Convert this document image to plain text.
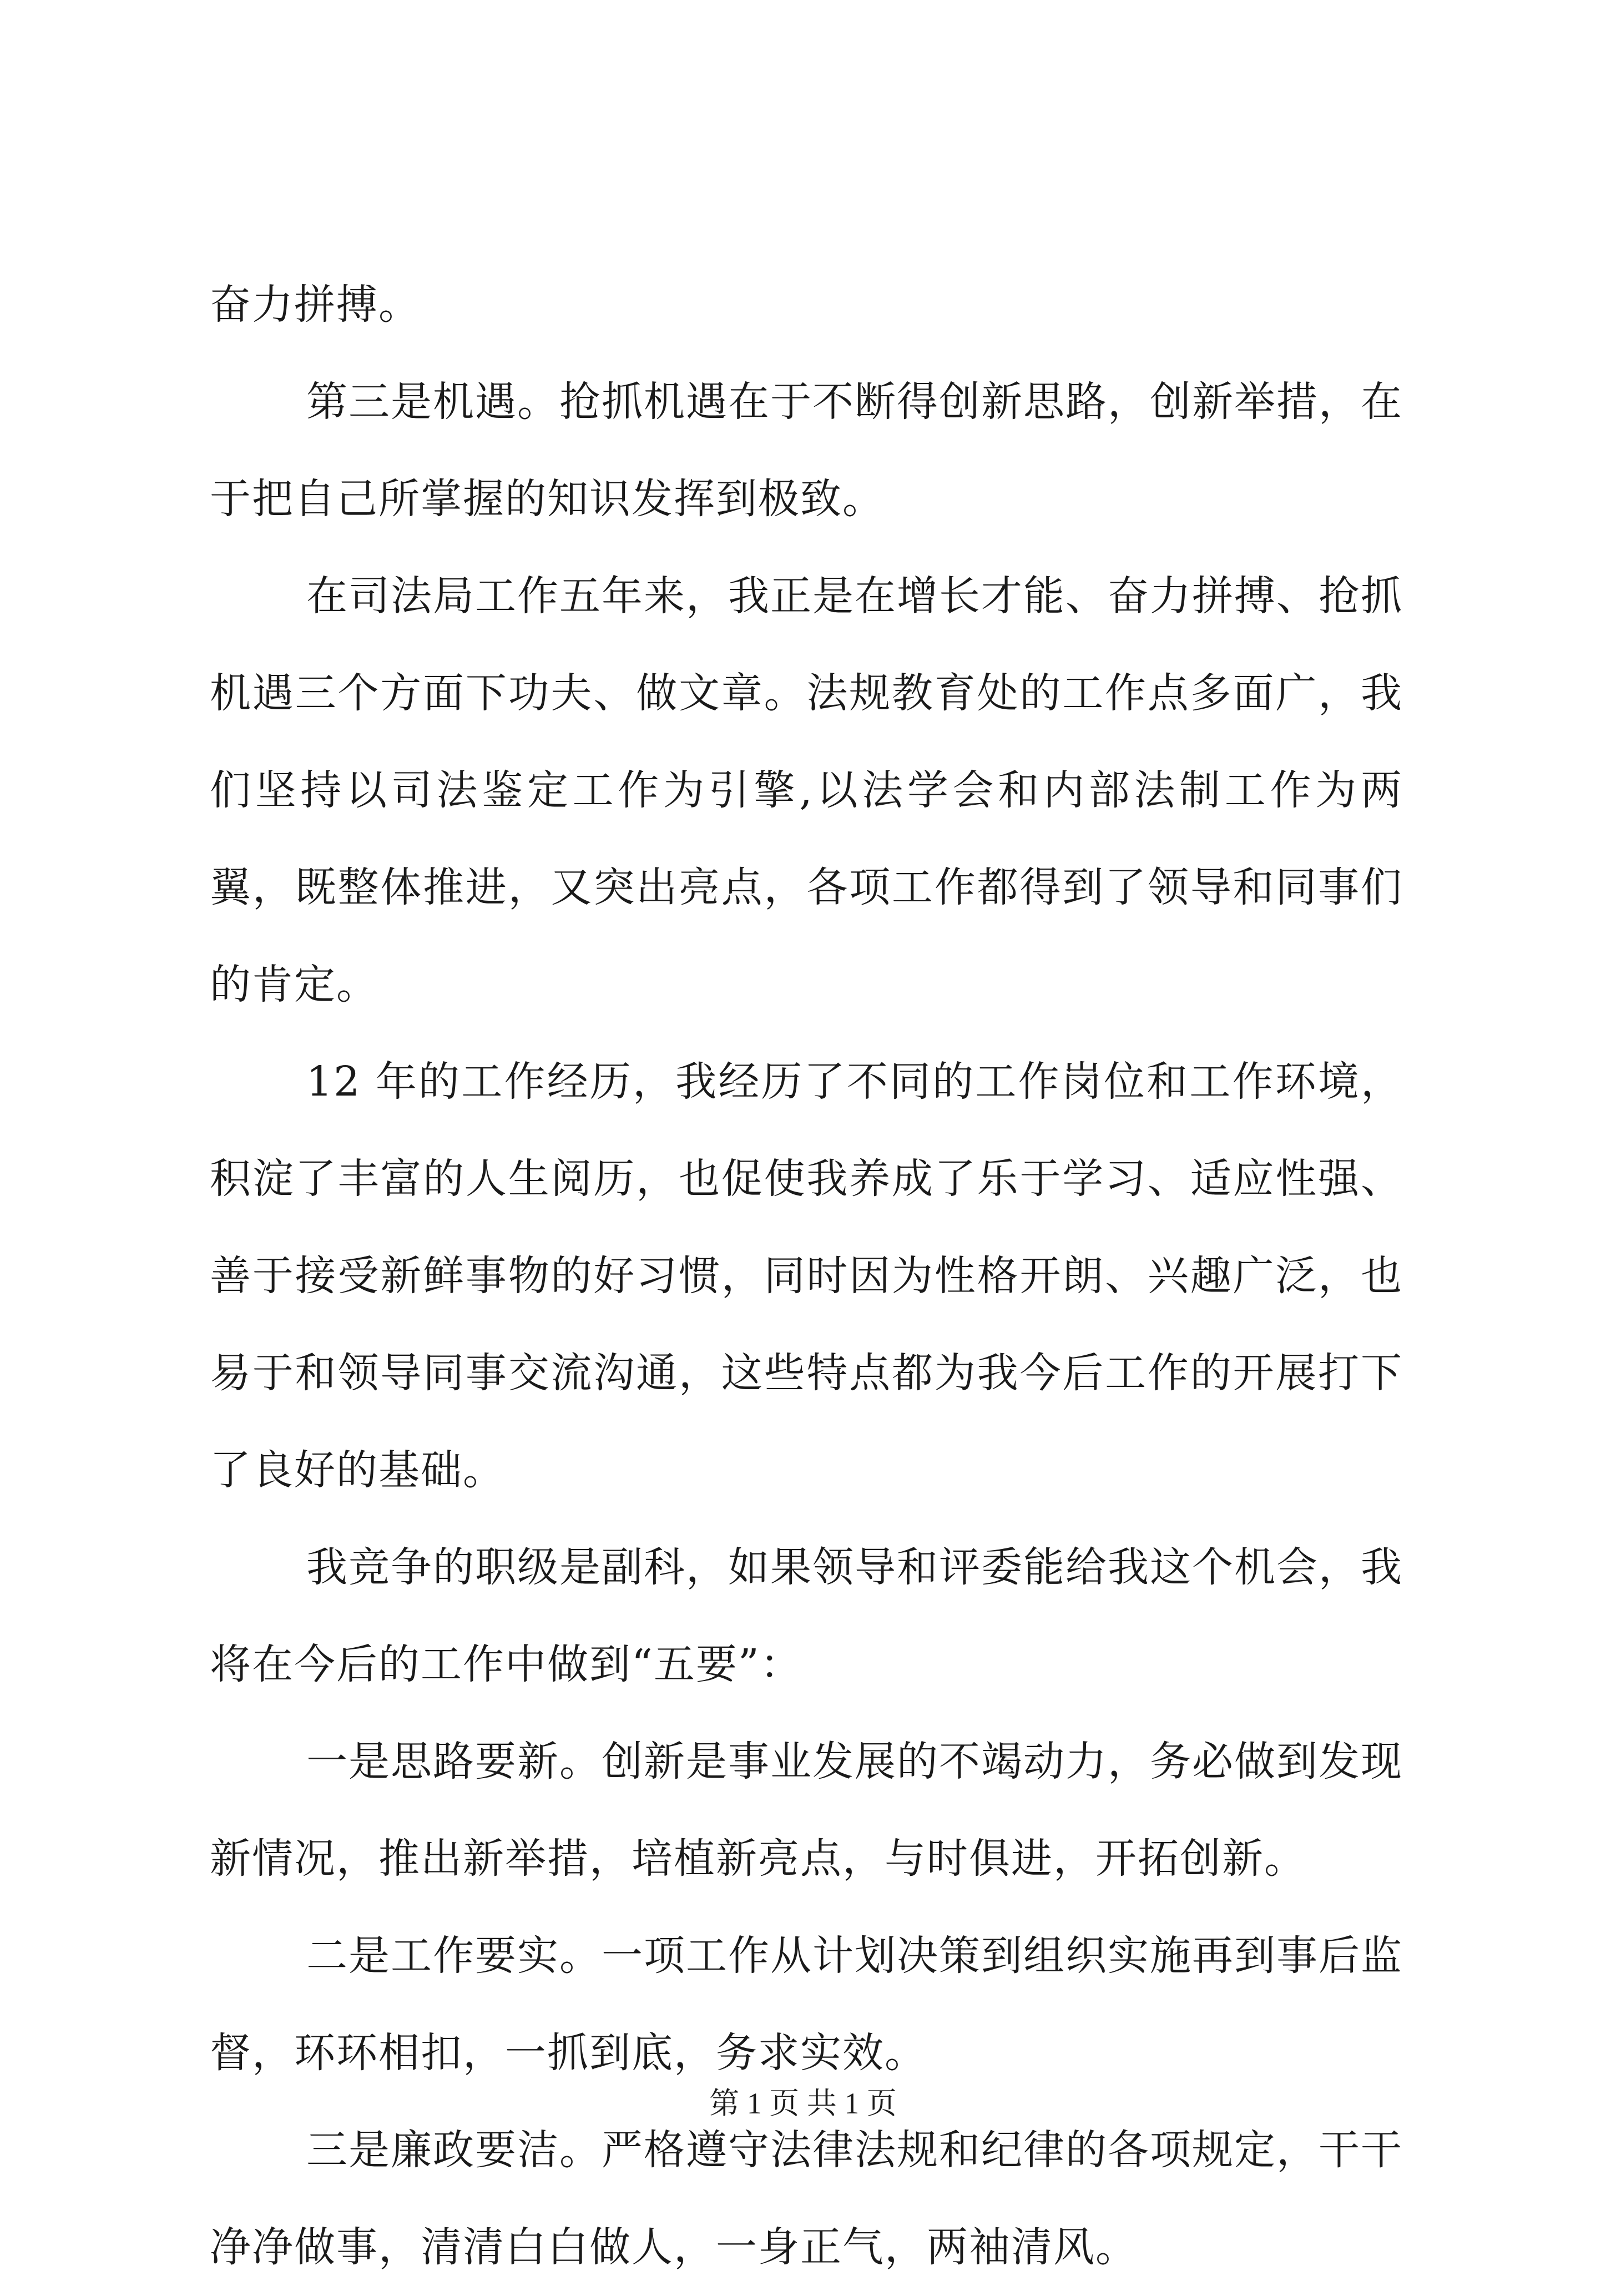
奋力拼搏。

第三是机遇。抢抓机遇在于不断得创新思路，创新举措，在于把自己所掌握的知识发挥到极致。

在司法局工作五年来，我正是在增长才能、奋力拼搏、抢抓机遇三个方面下功夫、做文章。法规教育处的工作点多面广，我们坚持以司法鉴定工作为引擎,以法学会和内部法制工作为两翼，既整体推进，又突出亮点，各项工作都得到了领导和同事们的肯定。

12 年的工作经历，我经历了不同的工作岗位和工作环境，积淀了丰富的人生阅历，也促使我养成了乐于学习、适应性强、善于接受新鲜事物的好习惯，同时因为性格开朗、兴趣广泛，也易于和领导同事交流沟通，这些特点都为我今后工作的开展打下了良好的基础。

我竞争的职级是副科，如果领导和评委能给我这个机会，我将在今后的工作中做到“五要”：

一是思路要新。创新是事业发展的不竭动力，务必做到发现新情况，推出新举措，培植新亮点，与时俱进，开拓创新。

二是工作要实。一项工作从计划决策到组织实施再到事后监督，环环相扣，一抓到底，务求实效。

三是廉政要洁。严格遵守法律法规和纪律的各项规定，干干净净做事，清清白白做人，一身正气，两袖清风。

第 1 页 共 1 页
